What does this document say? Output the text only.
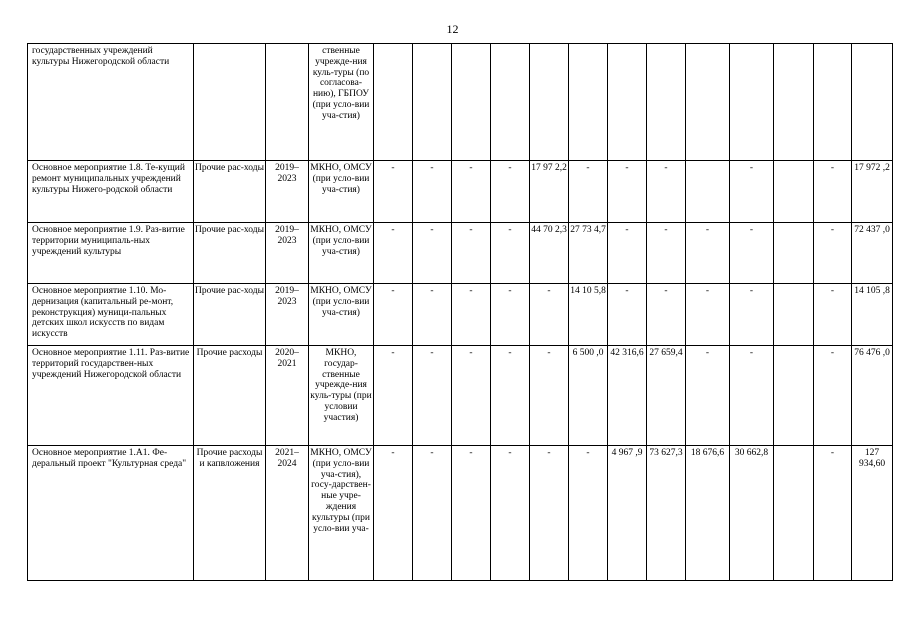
12
государственных учреждений культуры Нижегородской области			ственные учрежде-ния куль-туры (по согласова-нию), ГБПОУ (при усло-вии уча-стия)													
Основное мероприятие 1.8. Те-кущий ремонт муниципальных учреждений культуры Нижего-родской области	Прочие рас-ходы	2019–2023	МКНО, ОМСУ (при усло-вии уча-стия)	-	-	-	-	17 97 2,2	-	-	-		-		-	17 972 ,2
Основное мероприятие 1.9. Раз-витие территории муниципаль-ных учреждений культуры	Прочие рас-ходы	2019–2023	МКНО, ОМСУ (при усло-вии уча-стия)	-	-	-	-	44 70 2,3	27 73 4,7	-	-	-	-		-	72 437 ,0
Основное мероприятие 1.10. Мо-дернизация (капитальный ре-монт, реконструкция) муници-пальных детских школ искусств по видам искусств	Прочие рас-ходы	2019–2023	МКНО, ОМСУ (при усло-вии уча-стия)	-	-	-	-	-	14 10 5,8	-	-	-	-		-	14 105 ,8
Основное мероприятие 1.11. Раз-витие территорий государствен-ных учреждений Нижегородской области	Прочие расходы	2020–2021	МКНО, государ-ственные учрежде-ния куль-туры (при условии участия)	-	-	-	-	-	6 500 ,0	42 316,6	27 659,4	-	-		-	76 476 ,0
Основное мероприятие 1.А1. Фе-деральный проект "Культурная среда"	Прочие расходы и капвложения	2021–2024	МКНО, ОМСУ (при усло-вии уча-стия), госу-дарствен-ные учре-ждения культуры (при усло-вии уча-	-	-	-	-	-	-	4 967 ,9	73 627,3	18 676,6	30 662,8		-	127 934,60
